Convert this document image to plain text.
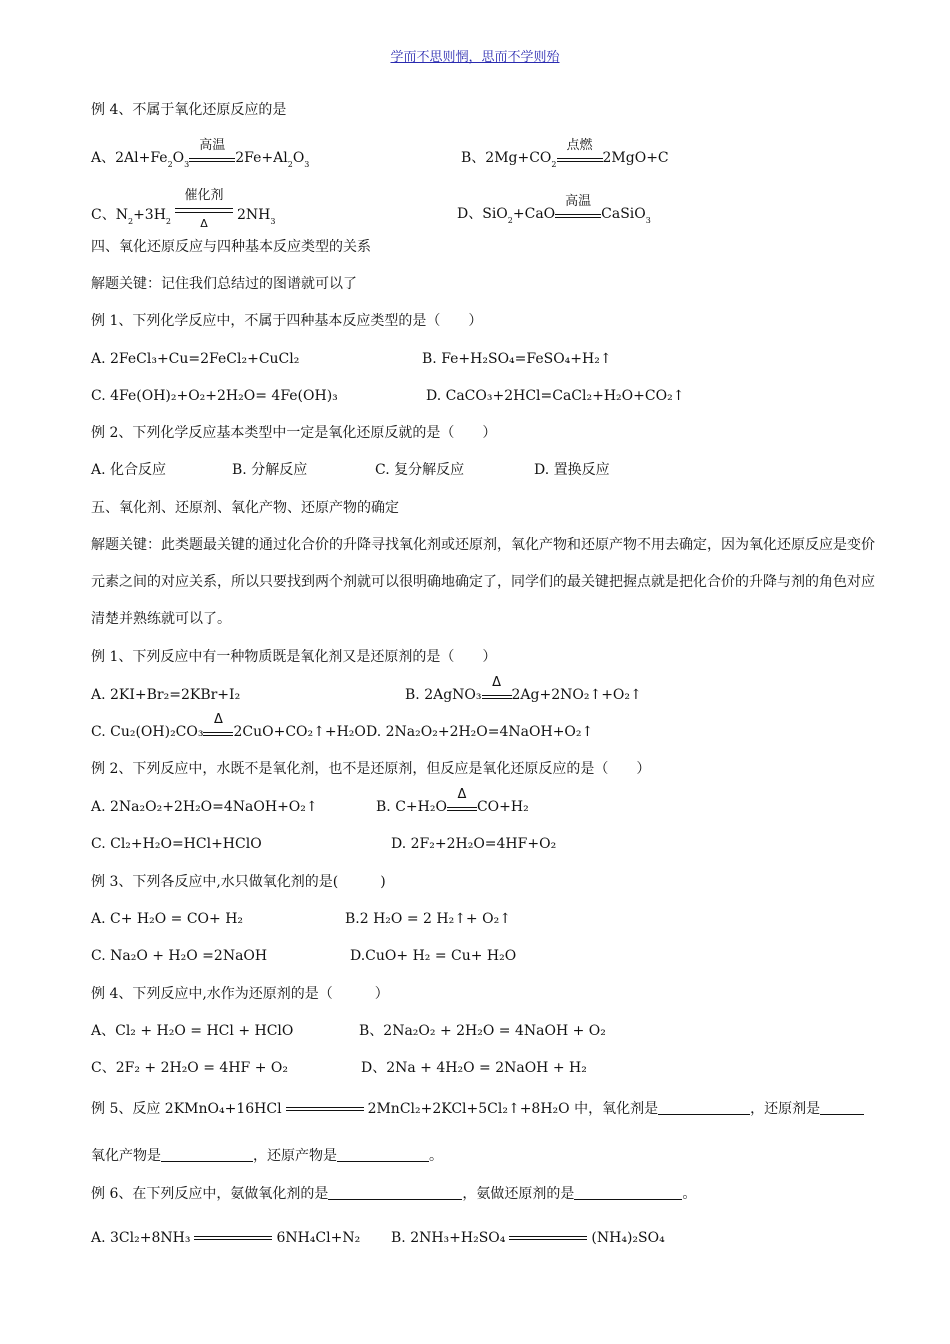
学而不思则惘，思而不学则殆
例 4、不属于氧化还原反应的是
A、$2Al+Fe_2O_3$
高温
$2Fe+Al_2O_3$	B、$2Mg+CO_2$
点燃
2MgO+C
C、$N_2+3H_2$
催化剂
Δ
$2NH_3$	D、SiO$_2$+CaO
高温
CaSiO$_3$
四、氧化还原反应与四种基本反应类型的关系
解题关键：记住我们总结过的图谱就可以了
例 1、下列化学反应中，不属于四种基本反应类型的是（　　）
A. 2FeCl₃+Cu=2FeCl₂+CuCl₂	B. Fe+H₂SO₄=FeSO₄+H₂↑
C. 4Fe(OH)₂+O₂+2H₂O= 4Fe(OH)₃	D. CaCO₃+2HCl=CaCl₂+H₂O+CO₂↑
例 2、下列化学反应基本类型中一定是氧化还原反就的是（　　）
A. 化合反应	B. 分解反应	C. 复分解反应	D. 置换反应
五、氧化剂、还原剂、氧化产物、还原产物的确定
解题关键：此类题最关键的通过化合价的升降寻找氧化剂或还原剂，氧化产物和还原产物不用去确定，因为氧化还原反应是变价元素之间的对应关系，所以只要找到两个剂就可以很明确地确定了，同学们的最关键把握点就是把化合价的升降与剂的角色对应清楚并熟练就可以了。
例 1、下列反应中有一种物质既是氧化剂又是还原剂的是（　　）
A. 2KI+Br₂=2KBr+I₂	B. 2AgNO₃
Δ
2Ag+2NO₂↑+O₂↑
C. Cu₂(OH)₂CO₃
Δ
2CuO+CO₂↑+H₂O D. 2Na₂O₂+2H₂O=4NaOH+O₂↑
例 2、下列反应中，水既不是氧化剂，也不是还原剂，但反应是氧化还原反应的是（　　）
A. 2Na₂O₂+2H₂O=4NaOH+O₂↑	B. C+H₂O
Δ
CO+H₂
C. Cl₂+H₂O=HCl+HClO	D. 2F₂+2H₂O=4HF+O₂
例 3、下列各反应中,水只做氧化剂的是(　　　)
A. C+ H₂O = CO+ H₂	B.2 H₂O = 2 H₂↑+ O₂↑
C. Na₂O + H₂O =2NaOH	D.CuO+ H₂ = Cu+ H₂O
例 4、下列反应中,水作为还原剂的是（　　　）
A、Cl₂ + H₂O = HCl + HClO	B、2Na₂O₂ + 2H₂O = 4NaOH + O₂
C、2F₂ + 2H₂O = 4HF + O₂	D、2Na + 4H₂O = 2NaOH + H₂
例 5、反应 2KMnO₄+16HCl	2MnCl₂+2KCl+5Cl₂↑+8H₂O 中，氧化剂是	，还原剂是
氧化产物是	，还原产物是	。
例 6、在下列反应中，氨做氧化剂的是	，氨做还原剂的是	。
A. 3Cl₂+8NH₃	6NH₄Cl+N₂ B. 2NH₃+H₂SO₄	(NH₄)₂SO₄
